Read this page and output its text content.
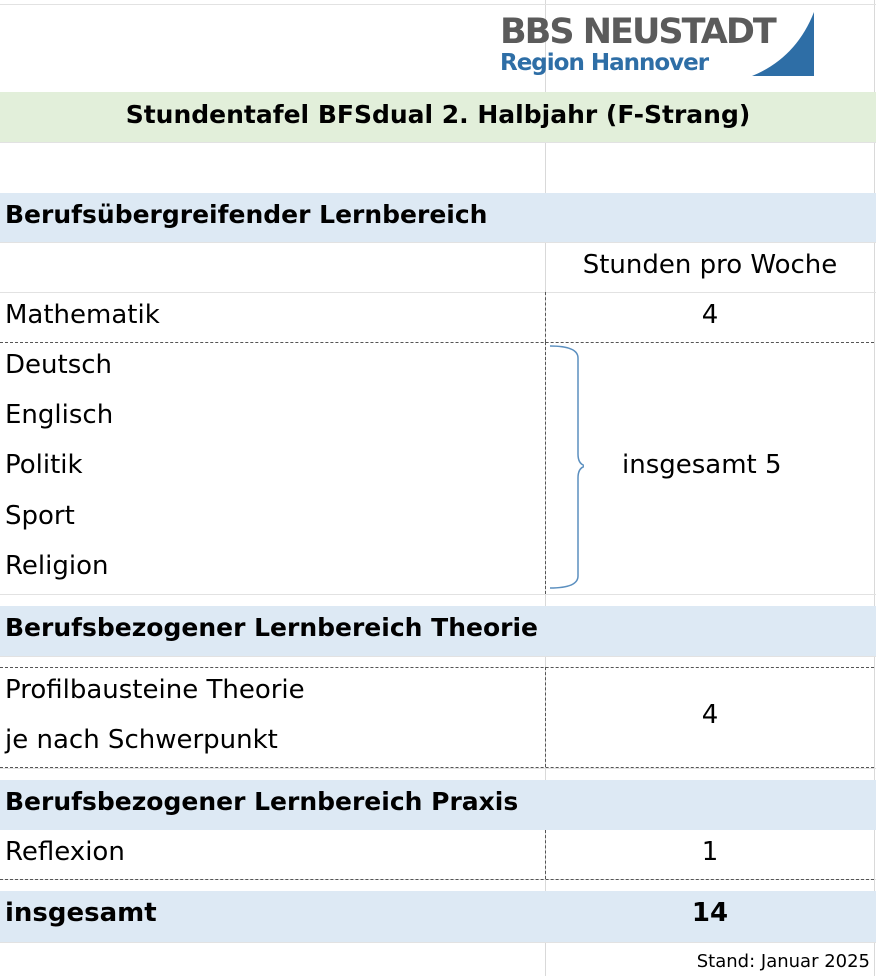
BBS NEUSTADT
Region Hannover
Stundentafel BFSdual 2. Halbjahr (F-Strang)
Berufsübergreifender Lernbereich
Stunden pro Woche
Mathematik	4
Deutsch
Englisch
Politik
Sport
Religion
insgesamt 5
Berufsbezogener Lernbereich Theorie
Profilbausteine Theorie
je nach Schwerpunkt
4
Berufsbezogener Lernbereich Praxis
Reflexion	1
insgesamt	14
Stand: Januar 2025
